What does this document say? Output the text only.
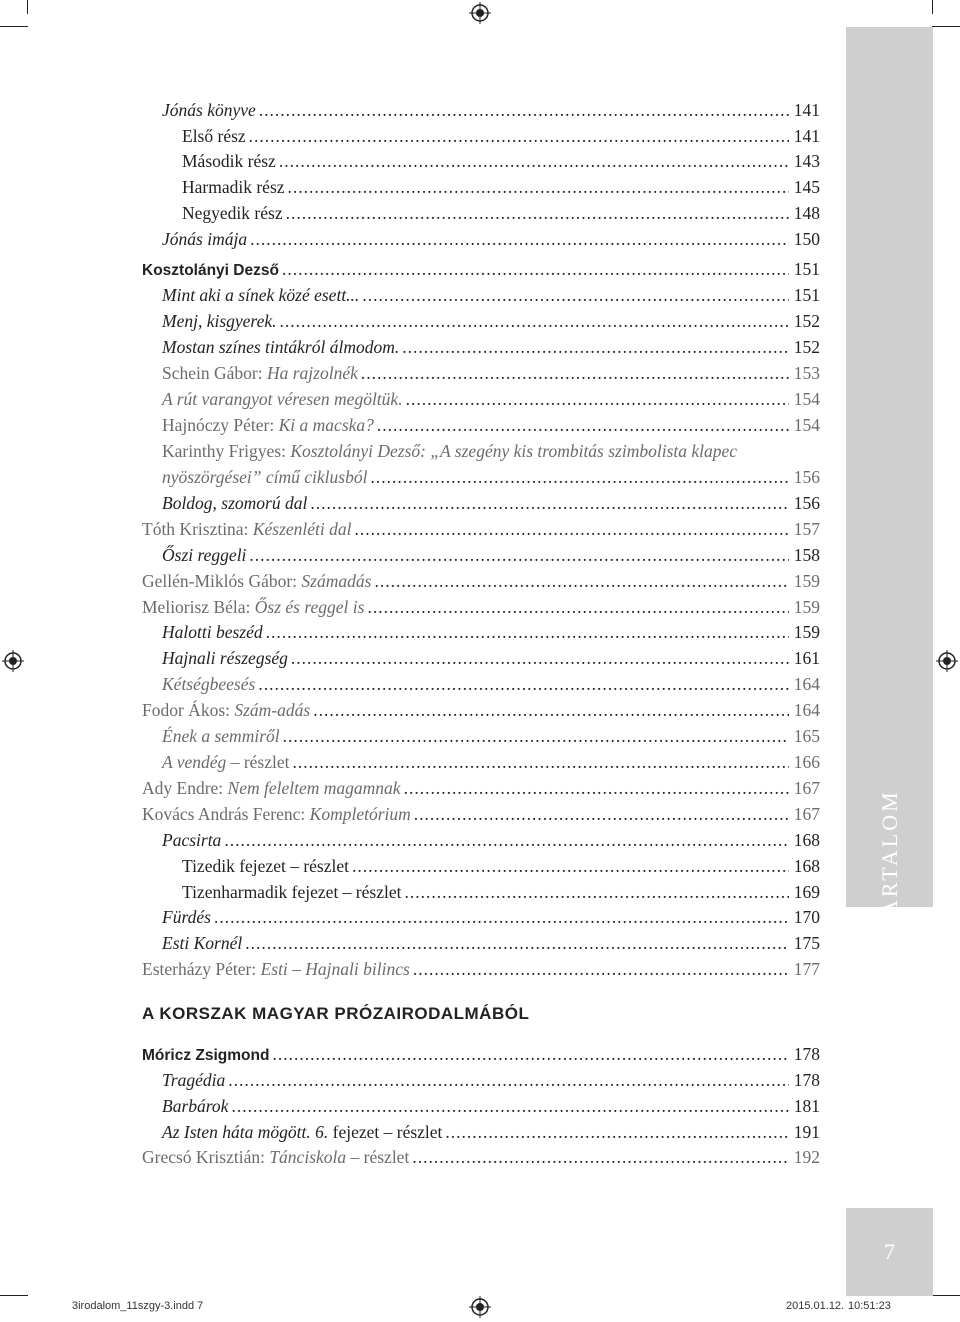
TARTALOM
Jónás könyve .....	141
Első rész .....	141
Második rész .....	143
Harmadik rész .....	145
Negyedik rész .....	148
Jónás imája .....	150
Kosztolányi Dezső .....	151
Mint aki a sínek közé esett... .....	151
Menj, kisgyerek. .....	152
Mostan színes tintákról álmodom. .....	152
Schein Gábor: Ha rajzolnék .....	153
A rút varangyot véresen megöltük. .....	154
Hajnóczy Péter: Ki a macska? .....	154
Karinthy Frigyes: Kosztolányi Dezső: „A szegény kis trombitás szimbolista klapec
nyöszörgései” című ciklusból .....	156
Boldog, szomorú dal .....	156
Tóth Krisztina: Készenléti dal .....	157
Őszi reggeli .....	158
Gellén-Miklós Gábor: Számadás .....	159
Meliorisz Béla: Ősz és reggel is .....	159
Halotti beszéd .....	159
Hajnali részegség .....	161
Kétségbeesés .....	164
Fodor Ákos: Szám-adás .....	164
Ének a semmiről .....	165
A vendég – részlet .....	166
Ady Endre: Nem feleltem magamnak .....	167
Kovács András Ferenc: Kompletórium .....	167
Pacsirta .....	168
Tizedik fejezet – részlet .....	168
Tizenharmadik fejezet – részlet .....	169
Fürdés .....	170
Esti Kornél .....	175
Esterházy Péter: Esti – Hajnali bilincs .....	177
A KORSZAK MAGYAR PRÓZAIRODALMÁBÓL
Móricz Zsigmond .....	178
Tragédia .....	178
Barbárok .....	181
Az Isten háta mögött. 6. fejezet – részlet .....	191
Grecsó Krisztián: Tánciskola – részlet .....	192
7
3irodalom_11szgy-3.indd 7	2015.01.12. 10:51:23
